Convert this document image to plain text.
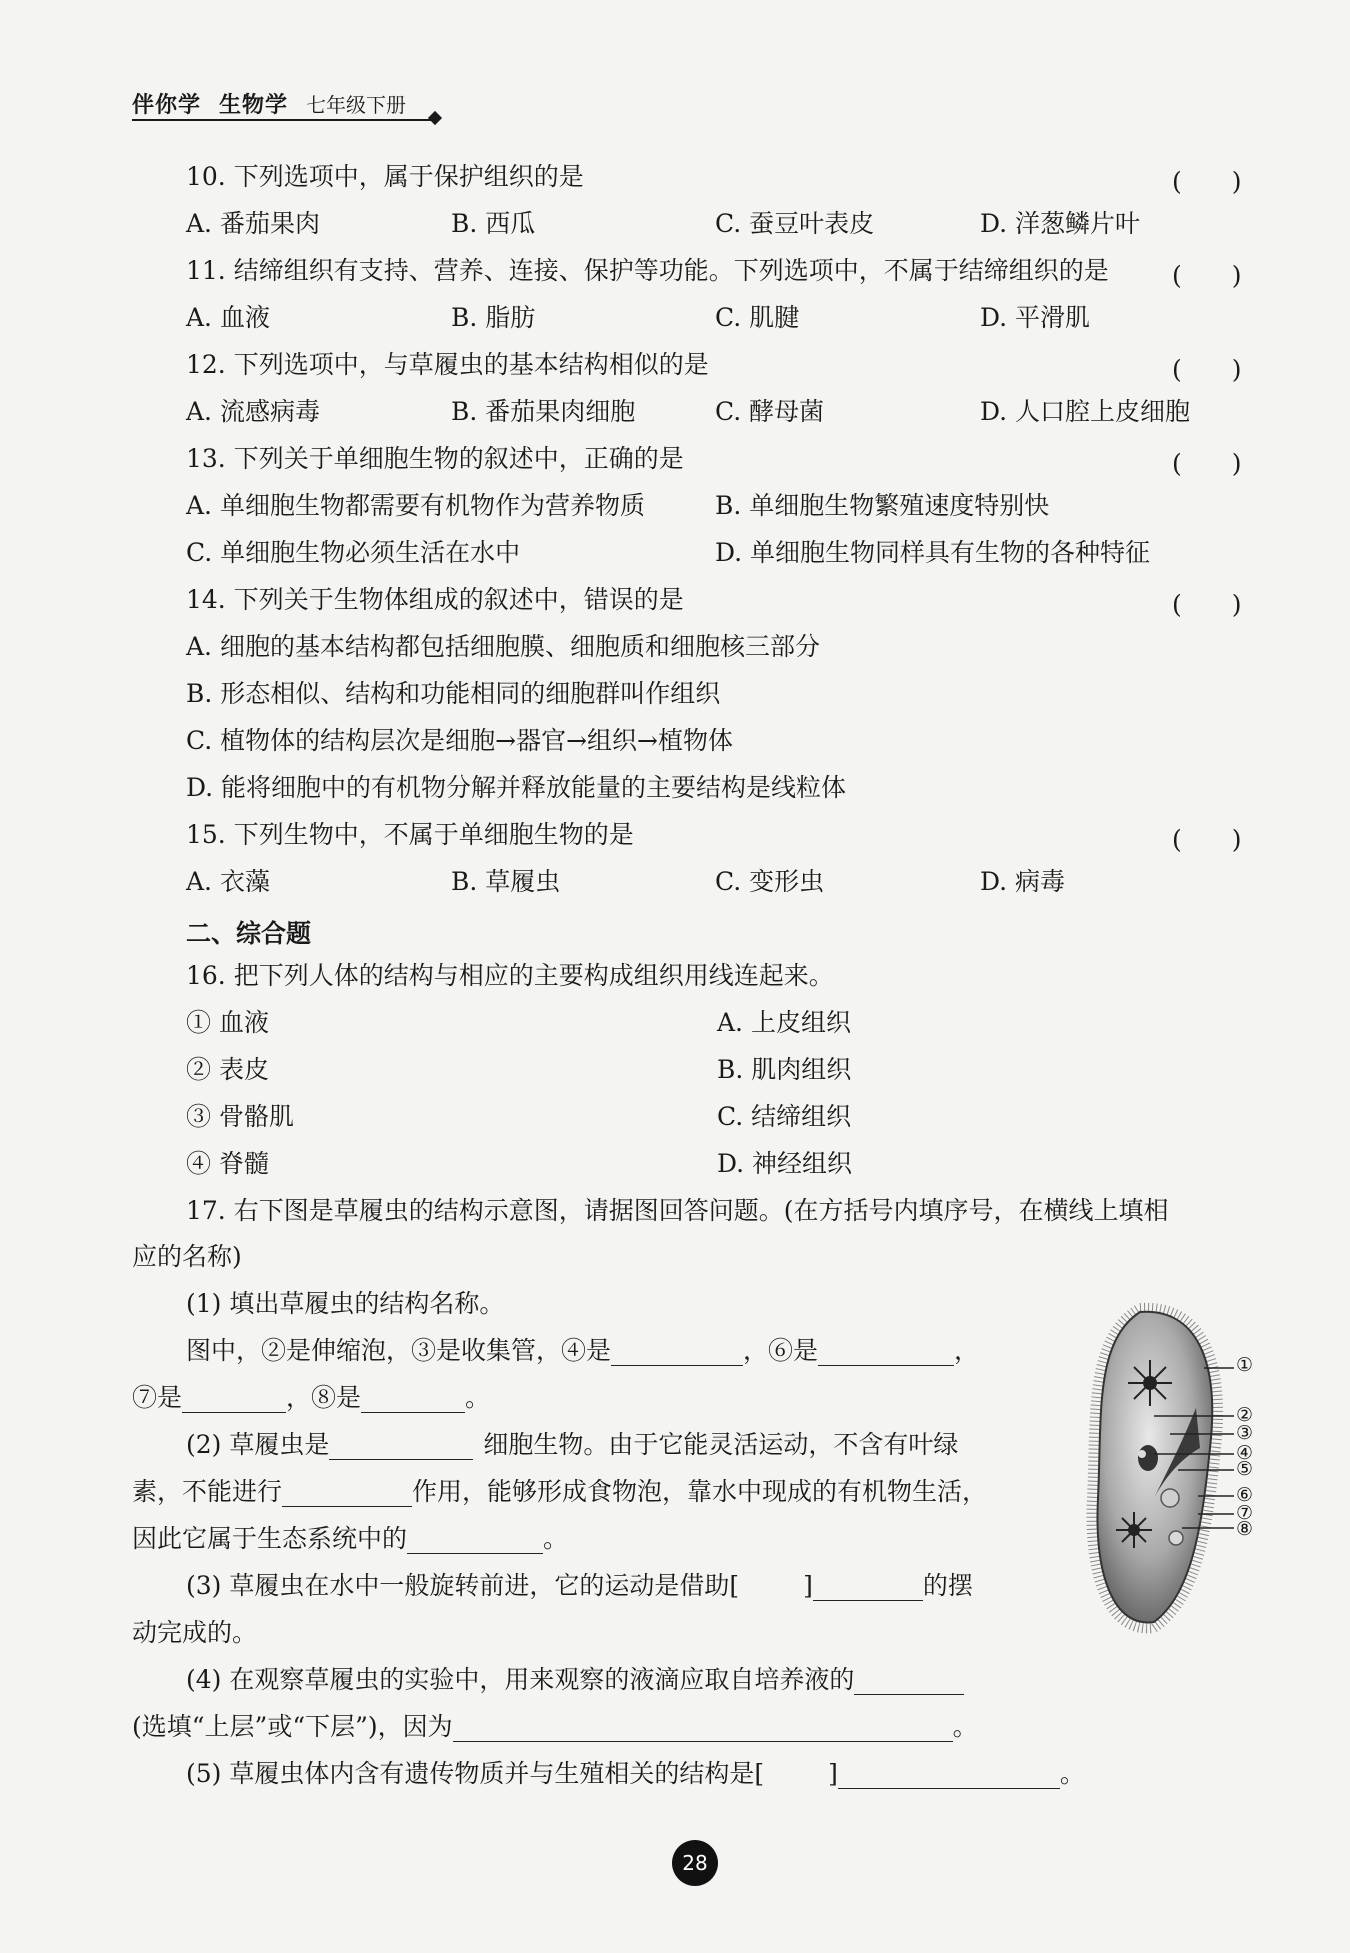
伴你学 生物学 七年级下册
10. 下列选项中，属于保护组织的是	(　　)
A. 番茄果肉	B. 西瓜	C. 蚕豆叶表皮	D. 洋葱鳞片叶
11. 结缔组织有支持、营养、连接、保护等功能。下列选项中，不属于结缔组织的是	(　　)
A. 血液	B. 脂肪	C. 肌腱	D. 平滑肌
12. 下列选项中，与草履虫的基本结构相似的是	(　　)
A. 流感病毒	B. 番茄果肉细胞	C. 酵母菌	D. 人口腔上皮细胞
13. 下列关于单细胞生物的叙述中，正确的是	(　　)
A. 单细胞生物都需要有机物作为营养物质	B. 单细胞生物繁殖速度特别快
C. 单细胞生物必须生活在水中	D. 单细胞生物同样具有生物的各种特征
14. 下列关于生物体组成的叙述中，错误的是	(　　)
A. 细胞的基本结构都包括细胞膜、细胞质和细胞核三部分
B. 形态相似、结构和功能相同的细胞群叫作组织
C. 植物体的结构层次是细胞→器官→组织→植物体
D. 能将细胞中的有机物分解并释放能量的主要结构是线粒体
15. 下列生物中，不属于单细胞生物的是	(　　)
A. 衣藻	B. 草履虫	C. 变形虫	D. 病毒
二、综合题
16. 把下列人体的结构与相应的主要构成组织用线连起来。
① 血液	A. 上皮组织
② 表皮	B. 肌肉组织
③ 骨骼肌	C. 结缔组织
④ 脊髓	D. 神经组织
17. 右下图是草履虫的结构示意图，请据图回答问题。(在方括号内填序号，在横线上填相
应的名称)
(1) 填出草履虫的结构名称。
图中，②是伸缩泡，③是收集管，④是	，⑥是	，
⑦是	，⑧是	。
(2) 草履虫是	细胞生物。由于它能灵活运动，不含有叶绿
素，不能进行	作用，能够形成食物泡，靠水中现成的有机物生活，
因此它属于生态系统中的	。
(3) 草履虫在水中一般旋转前进，它的运动是借助[	]	的摆
动完成的。
(4) 在观察草履虫的实验中，用来观察的液滴应取自培养液的
(选填“上层”或“下层”)，因为	。
(5) 草履虫体内含有遗传物质并与生殖相关的结构是[	]	。
①
②
③
④
⑤
⑥
⑦
⑧
28
